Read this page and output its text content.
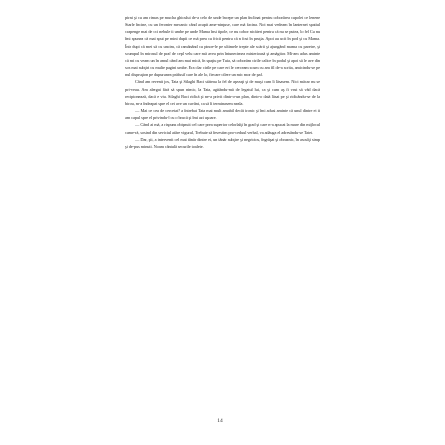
pirni şi cu am rimas pe mucha ghicului de-a celo de unde începe un plan înclinat pentru coborârea cupolei ce lenene Starle încine, cu un feronier mecanic când acupit ame-ninţuse, care mă facina. Noi mai vedeam în lanternei spatiul crapenge mai de cci nebule ii umbe pe unde Mama însi tipole, ce nu cobor nicăieri pentru că nu se putea, lo fel Cu nu îmi spunea că mai spui pe mini dupii ce mă prea cu fricii pentru că n fost în pruţia. Apoi au ucit în pod şi cu Mama. Într dupi că mei să cu uncim, că ramânând cu pinoe-le pe ultimele trepte ale scării şi ajungând mama cu paretre, şi scumpul în mirosul de praf de cepl velu care mă avea prin întunecimea misterioasă şi amăgitor. Mi-am adus aminte că mi cu veam un în amul când am mai mică, în spaţiu pe Tuia, să coborăm cirile calice în podul şi apoi să le ave din sos mai subţiri cu multe pagini umbe. Era clar cirile pe care eri le cerceam scum cu am fil de-a scrita, amicindu-se pe nul dispruţion pe dupurunea prăfusiî care în ale lo, fiecare cilere un mic mor de paf.

Când am revenit jos, Tata şi Silaghi Baci stăteau la fel de aşezaţi şi de muşi cum îi lăsasem. Nici măcar nu se pri-veau. Am alergat fără să spun nimic, la Tata, agitându-mă de legatul lui, ca şi cum aş fi vrut să vâd dacă recipionează, dacă e viu. Silaghi Baci ridică şi ne-a privit dintr-o-un plan, dintr-o dată lăsat pe şi ridicându-se de la birou, m-a îndeapat spre el cei ave un cuvânt, ca să îi terminasem neala.

— Mai ce cea de cercetat? a întrebat Tata mai mult amabil decât ironic şi îmi adusi aminte că unul dintre ei ii am capul spre el privindu-l cu o brucă şi îmi azi uşoare.

— Când ai mă, a rispuns obişnuit cel care prea superior celorlalţi în grad şi care n-a apucat la mare din mijlocul came-ră, sosind din seviciul atâre vigurul, Trebuie să învestim pro-ceduul verbal, va adăuga el adresându-se Tatei.

— Dar, şti, a intervenit cel mai tânăr dintre ei, un tânăr subţire şi negricios, îngrăşat şi obraznic, în asculţi simp şi de-pus minuti. Noam cântulă securile toalete.

14
